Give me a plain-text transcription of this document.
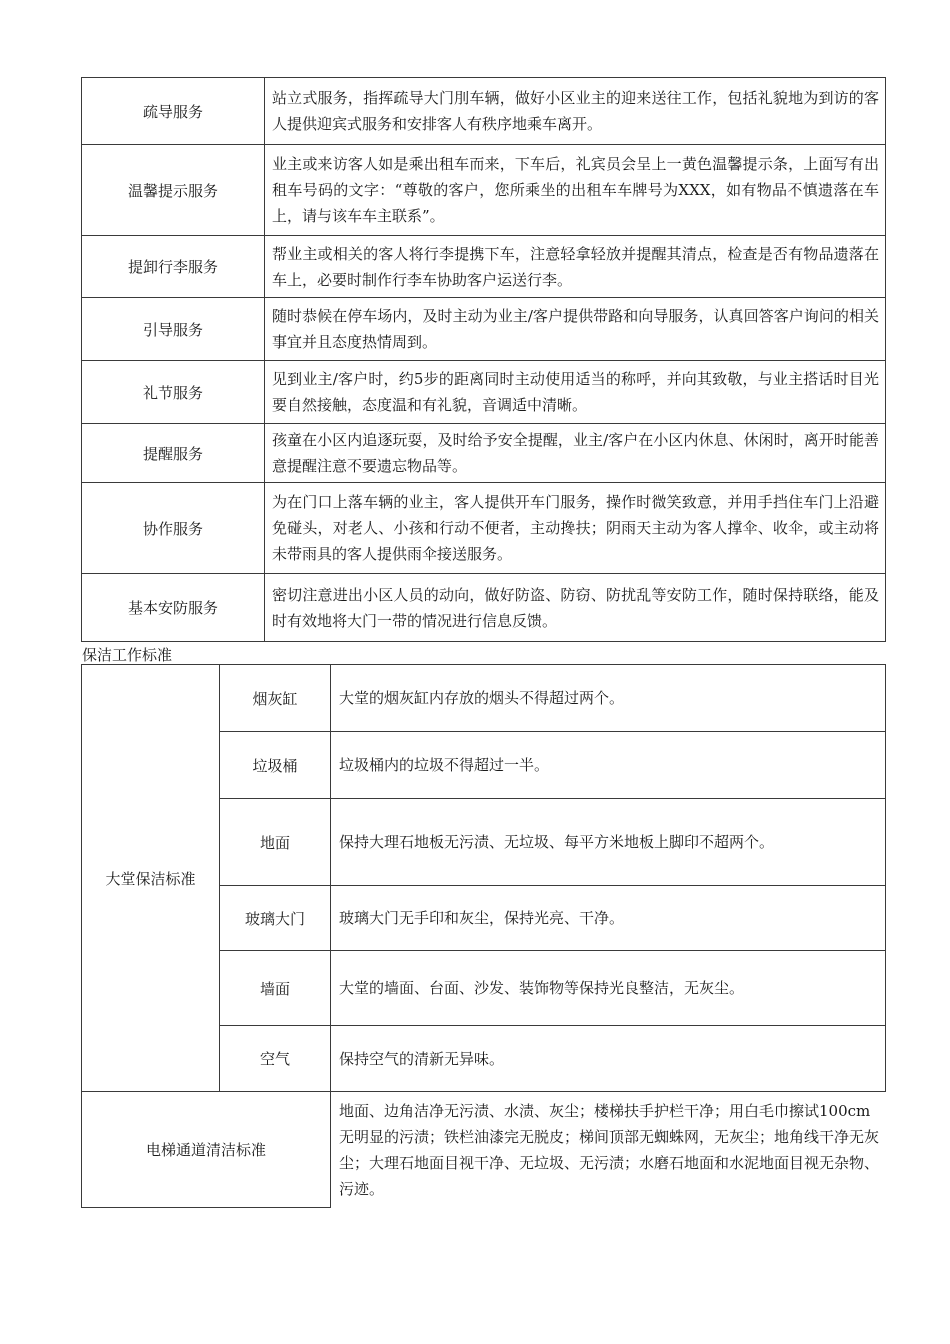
疏导服务	站立式服务，指挥疏导大门刖车辆，做好小区业主的迎来送往工作，包括礼貌地为到访的客人提供迎宾式服务和安排客人有秩序地乘车离开。
温馨提示服务	业主或来访客人如是乘出租车而来，下车后，礼宾员会呈上一黄色温馨提示条，上面写有出租车号码的文字：“尊敬的客户，您所乘坐的出租车车牌号为XXX，如有物品不慎遗落在车上，请与该车车主联系”。
提卸行李服务	帮业主或相关的客人将行李提携下车，注意轻拿轻放并提醒其清点，检查是否有物品遗落在车上，必要时制作行李车协助客户运送行李。
引导服务	随时恭候在停车场内，及时主动为业主/客户提供带路和向导服务，认真回答客户询问的相关事宜并且态度热情周到。
礼节服务	见到业主/客户时，约5步的距离同时主动使用适当的称呼，并向其致敬，与业主搭话时目光要自然接触，态度温和有礼貌，音调适中清晰。
提醒服务	孩童在小区内追逐玩耍，及时给予安全提醒，业主/客户在小区内休息、休闲时，离开时能善意提醒注意不要遗忘物品等。
协作服务	为在门口上落车辆的业主，客人提供开车门服务，操作时微笑致意，并用手挡住车门上沿避免碰头，对老人、小孩和行动不便者，主动搀扶；阴雨天主动为客人撑伞、收伞，或主动将未带雨具的客人提供雨伞接送服务。
基本安防服务	密切注意进出小区人员的动向，做好防盗、防窃、防扰乱等安防工作，随时保持联络，能及时有效地将大门一带的情况进行信息反馈。
保洁工作标准
大堂保洁标准	烟灰缸	大堂的烟灰缸内存放的烟头不得超过两个。
	垃圾桶	垃圾桶内的垃圾不得超过一半。
	地面	保持大理石地板无污渍、无垃圾、每平方米地板上脚印不超两个。
	玻璃大门	玻璃大门无手印和灰尘，保持光亮、干净。
	墙面	大堂的墙面、台面、沙发、装饰物等保持光良整洁，无灰尘。
	空气	保持空气的清新无异味。
电梯通道清洁标准		地面、边角洁净无污渍、水渍、灰尘；楼梯扶手护栏干净；用白毛巾擦试100cm无明显的污渍；铁栏油漆完无脱皮；梯间顶部无蜘蛛网，无灰尘；地角线干净无灰尘；大理石地面目视干净、无垃圾、无污渍；水磨石地面和水泥地面目视无杂物、污迹。
